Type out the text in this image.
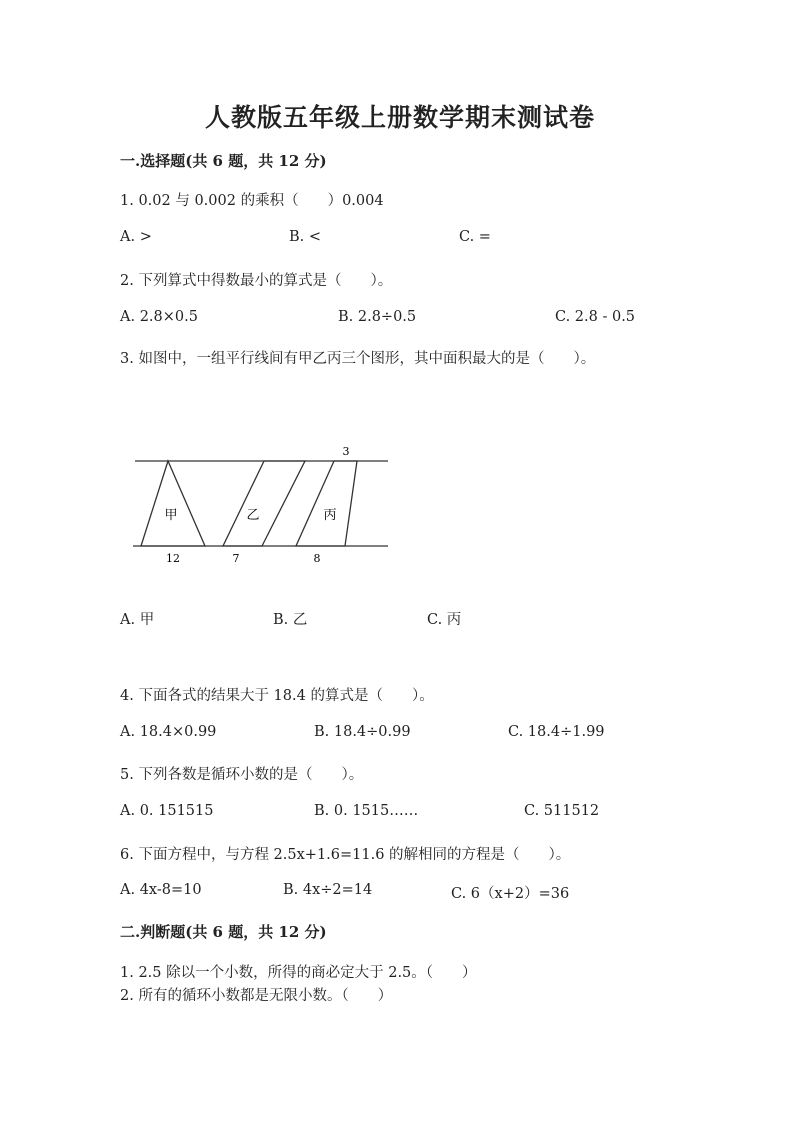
人教版五年级上册数学期末测试卷
一.选择题(共 6 题，共 12 分)
1. 0.02 与 0.002 的乘积（　　）0.004
A. >	B. <	C. =
2. 下列算式中得数最小的算式是（　　）。
A. 2.8×0.5	B. 2.8÷0.5	C. 2.8 - 0.5
3. 如图中，一组平行线间有甲乙丙三个图形，其中面积最大的是（　　）。
甲	乙	丙
3
12	7	8
A. 甲	B. 乙	C. 丙
4. 下面各式的结果大于 18.4 的算式是（　　）。
A. 18.4×0.99	B. 18.4÷0.99	C. 18.4÷1.99
5. 下列各数是循环小数的是（　　）。
A. 0. 151515	B. 0. 1515……	C. 511512
6. 下面方程中，与方程 2.5x+1.6=11.6 的解相同的方程是（　　）。
A. 4x-8=10	B. 4x÷2=14	C. 6（x+2）=36
二.判断题(共 6 题，共 12 分)
1. 2.5 除以一个小数，所得的商必定大于 2.5。（　　）
2. 所有的循环小数都是无限小数。（　　）
